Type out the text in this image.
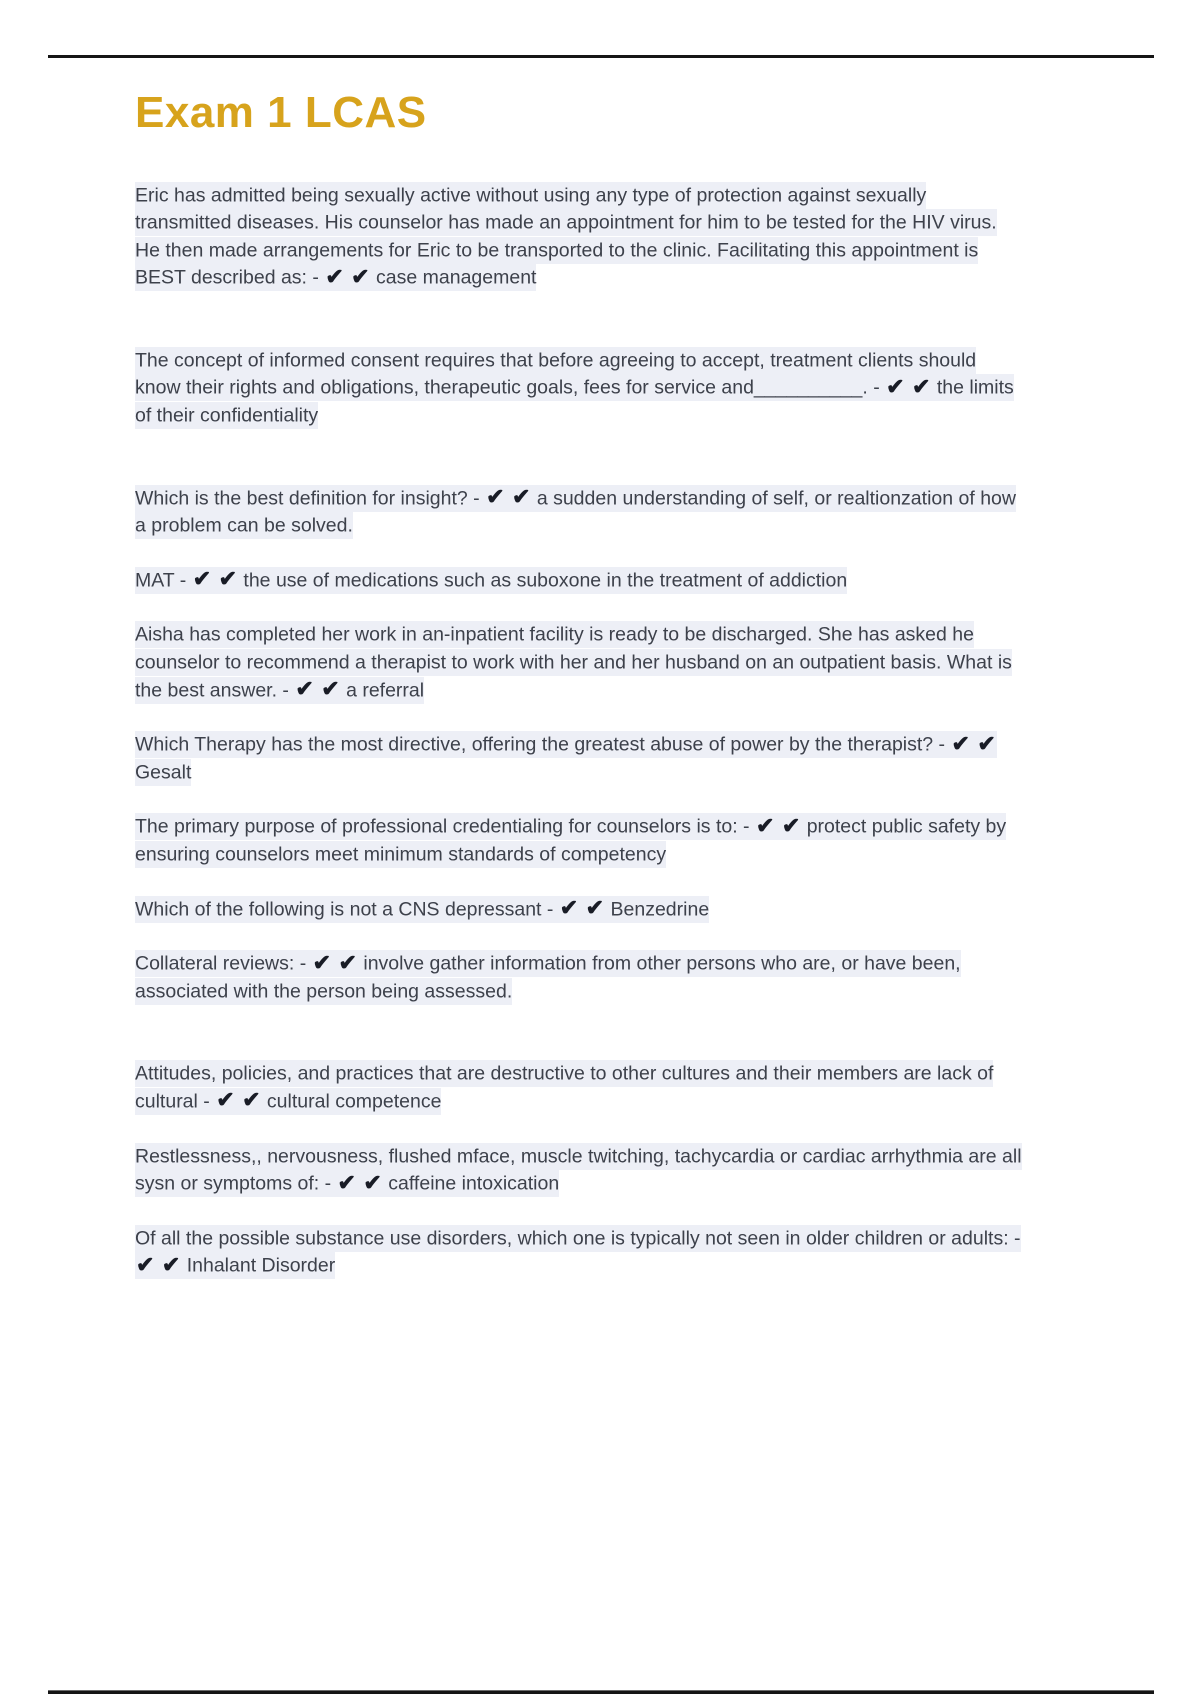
Exam 1 LCAS

Eric has admitted being sexually active without using any type of protection against sexually transmitted diseases. His counselor has made an appointment for him to be tested for the HIV virus. He then made arrangements for Eric to be transported to the clinic. Facilitating this appointment is BEST described as: - ✔ ✔ case management

The concept of informed consent requires that before agreeing to accept, treatment clients should know their rights and obligations, therapeutic goals, fees for service and__________. - ✔ ✔ the limits of their confidentiality

Which is the best definition for insight? - ✔ ✔ a sudden understanding of self, or realtionzation of how a problem can be solved.

MAT - ✔ ✔ the use of medications such as suboxone in the treatment of addiction

Aisha has completed her work in an-inpatient facility is ready to be discharged. She has asked he counselor to recommend a therapist to work with her and her husband on an outpatient basis. What is the best answer. - ✔ ✔ a referral

Which Therapy has the most directive, offering the greatest abuse of power by the therapist? - ✔ ✔ Gesalt

The primary purpose of professional credentialing for counselors is to: - ✔ ✔ protect public safety by ensuring counselors meet minimum standards of competency

Which of the following is not a CNS depressant - ✔ ✔ Benzedrine

Collateral reviews: - ✔ ✔ involve gather information from other persons who are, or have been, associated with the person being assessed.

Attitudes, policies, and practices that are destructive to other cultures and their members are lack of cultural - ✔ ✔ cultural competence

Restlessness,, nervousness, flushed mface, muscle twitching, tachycardia or cardiac arrhythmia are all sysn or symptoms of: - ✔ ✔ caffeine intoxication

Of all the possible substance use disorders, which one is typically not seen in older children or adults: - ✔ ✔ Inhalant Disorder
